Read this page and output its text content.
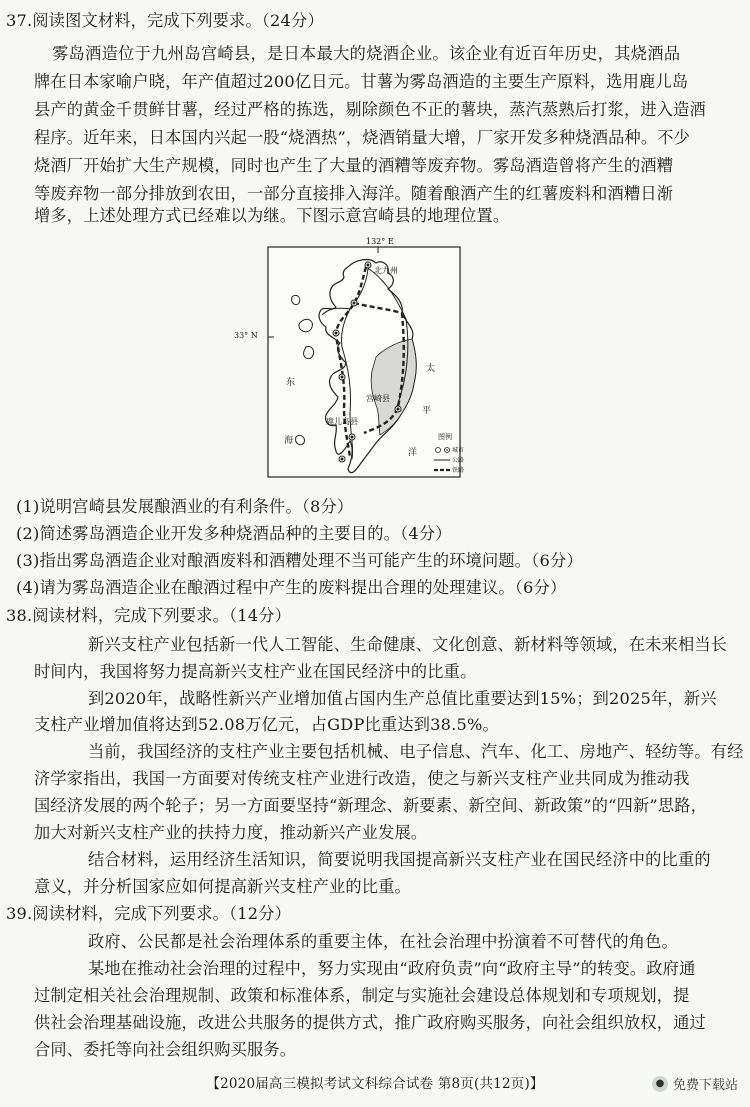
37.阅读图文材料，完成下列要求。（24分）
雾岛酒造位于九州岛宫崎县，是日本最大的烧酒企业。该企业有近百年历史，其烧酒品
牌在日本家喻户晓，年产值超过200亿日元。甘薯为雾岛酒造的主要生产原料，选用鹿儿岛
县产的黄金千贯鲜甘薯，经过严格的拣选，剔除颜色不正的薯块，蒸汽蒸熟后打浆，进入造酒
程序。近年来，日本国内兴起一股“烧酒热”，烧酒销量大增，厂家开发多种烧酒品种。不少
烧酒厂开始扩大生产规模，同时也产生了大量的酒糟等废弃物。雾岛酒造曾将产生的酒糟
等废弃物一部分排放到农田，一部分直接排入海洋。随着酿酒产生的红薯废料和酒糟日渐
增多，上述处理方式已经难以为继。下图示意宫崎县的地理位置。
132° E
北九州
宫崎县
鹿儿岛县
东
海
太
平
洋
图例
城市
公路
铁路
33° N
(1)说明宫崎县发展酿酒业的有利条件。（8分）
(2)简述雾岛酒造企业开发多种烧酒品种的主要目的。（4分）
(3)指出雾岛酒造企业对酿酒废料和酒糟处理不当可能产生的环境问题。（6分）
(4)请为雾岛酒造企业在酿酒过程中产生的废料提出合理的处理建议。（6分）
38.阅读材料，完成下列要求。（14分）
新兴支柱产业包括新一代人工智能、生命健康、文化创意、新材料等领域，在未来相当长
时间内，我国将努力提高新兴支柱产业在国民经济中的比重。
到2020年，战略性新兴产业增加值占国内生产总值比重要达到15%；到2025年，新兴
支柱产业增加值将达到52.08万亿元，占GDP比重达到38.5%。
当前，我国经济的支柱产业主要包括机械、电子信息、汽车、化工、房地产、轻纺等。有经
济学家指出，我国一方面要对传统支柱产业进行改造，使之与新兴支柱产业共同成为推动我
国经济发展的两个轮子；另一方面要坚持“新理念、新要素、新空间、新政策”的“四新”思路，
加大对新兴支柱产业的扶持力度，推动新兴产业发展。
结合材料，运用经济生活知识，简要说明我国提高新兴支柱产业在国民经济中的比重的
意义，并分析国家应如何提高新兴支柱产业的比重。
39.阅读材料，完成下列要求。（12分）
政府、公民都是社会治理体系的重要主体，在社会治理中扮演着不可替代的角色。
某地在推动社会治理的过程中，努力实现由“政府负责”向“政府主导”的转变。政府通
过制定相关社会治理规制、政策和标准体系，制定与实施社会建设总体规划和专项规划，提
供社会治理基础设施，改进公共服务的提供方式，推广政府购买服务，向社会组织放权，通过
合同、委托等向社会组织购买服务。
【2020届高三模拟考试文科综合试卷 第8页(共12页)】	● 免费下载站
